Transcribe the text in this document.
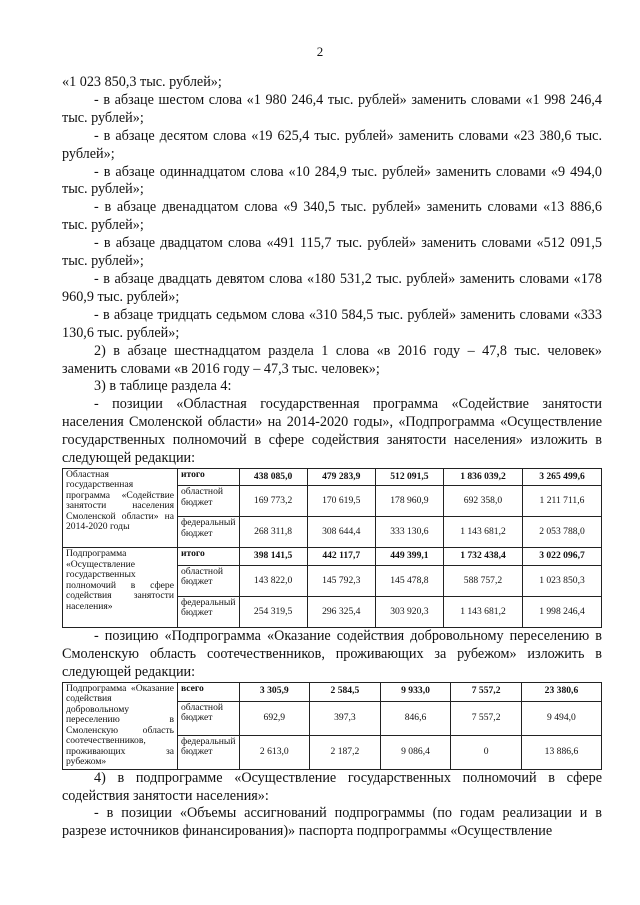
2

«1 023 850,3 тыс. рублей»;

- в абзаце шестом слова «1 980 246,4 тыс. рублей» заменить словами «1 998 246,4 тыс. рублей»;

- в абзаце десятом слова «19 625,4 тыс. рублей» заменить словами «23 380,6 тыс. рублей»;

- в абзаце одиннадцатом слова «10 284,9 тыс. рублей» заменить словами «9 494,0 тыс. рублей»;

- в абзаце двенадцатом слова «9 340,5 тыс. рублей» заменить словами «13 886,6 тыс. рублей»;

- в абзаце двадцатом слова «491 115,7 тыс. рублей» заменить словами «512 091,5 тыс. рублей»;

- в абзаце двадцать девятом слова «180 531,2 тыс. рублей» заменить словами «178 960,9 тыс. рублей»;

- в абзаце тридцать седьмом слова «310 584,5 тыс. рублей» заменить словами «333 130,6 тыс. рублей»;

2) в абзаце шестнадцатом раздела 1 слова «в 2016 году – 47,8 тыс. человек» заменить словами «в 2016 году – 47,3 тыс. человек»;

3) в таблице раздела 4:

- позиции «Областная государственная программа «Содействие занятости населения Смоленской области» на 2014-2020 годы», «Подпрограмма «Осуществление государственных полномочий в сфере содействия занятости населения» изложить в следующей редакции:

Областная государственная программа «Содействие занятости населения Смоленской области» на 2014-2020 годы	итого	438 085,0	479 283,9	512 091,5	1 836 039,2	3 265 499,6
	областной бюджет	169 773,2	170 619,5	178 960,9	692 358,0	1 211 711,6
	федеральный бюджет	268 311,8	308 644,4	333 130,6	1 143 681,2	2 053 788,0
Подпрограмма «Осуществление государственных полномочий в сфере содействия занятости населения»	итого	398 141,5	442 117,7	449 399,1	1 732 438,4	3 022 096,7
	областной бюджет	143 822,0	145 792,3	145 478,8	588 757,2	1 023 850,3
	федеральный бюджет	254 319,5	296 325,4	303 920,3	1 143 681,2	1 998 246,4

- позицию «Подпрограмма «Оказание содействия добровольному переселению в Смоленскую область соотечественников, проживающих за рубежом» изложить в следующей редакции:

Подпрограмма «Оказание содействия добровольному переселению в Смоленскую область соотечественников, проживающих за рубежом»	всего	3 305,9	2 584,5	9 933,0	7 557,2	23 380,6
	областной бюджет	692,9	397,3	846,6	7 557,2	9 494,0
	федеральный бюджет	2 613,0	2 187,2	9 086,4	0	13 886,6

4) в подпрограмме «Осуществление государственных полномочий в сфере содействия занятости населения»:

- в позиции «Объемы ассигнований подпрограммы (по годам реализации и в разрезе источников финансирования)» паспорта подпрограммы «Осуществление
